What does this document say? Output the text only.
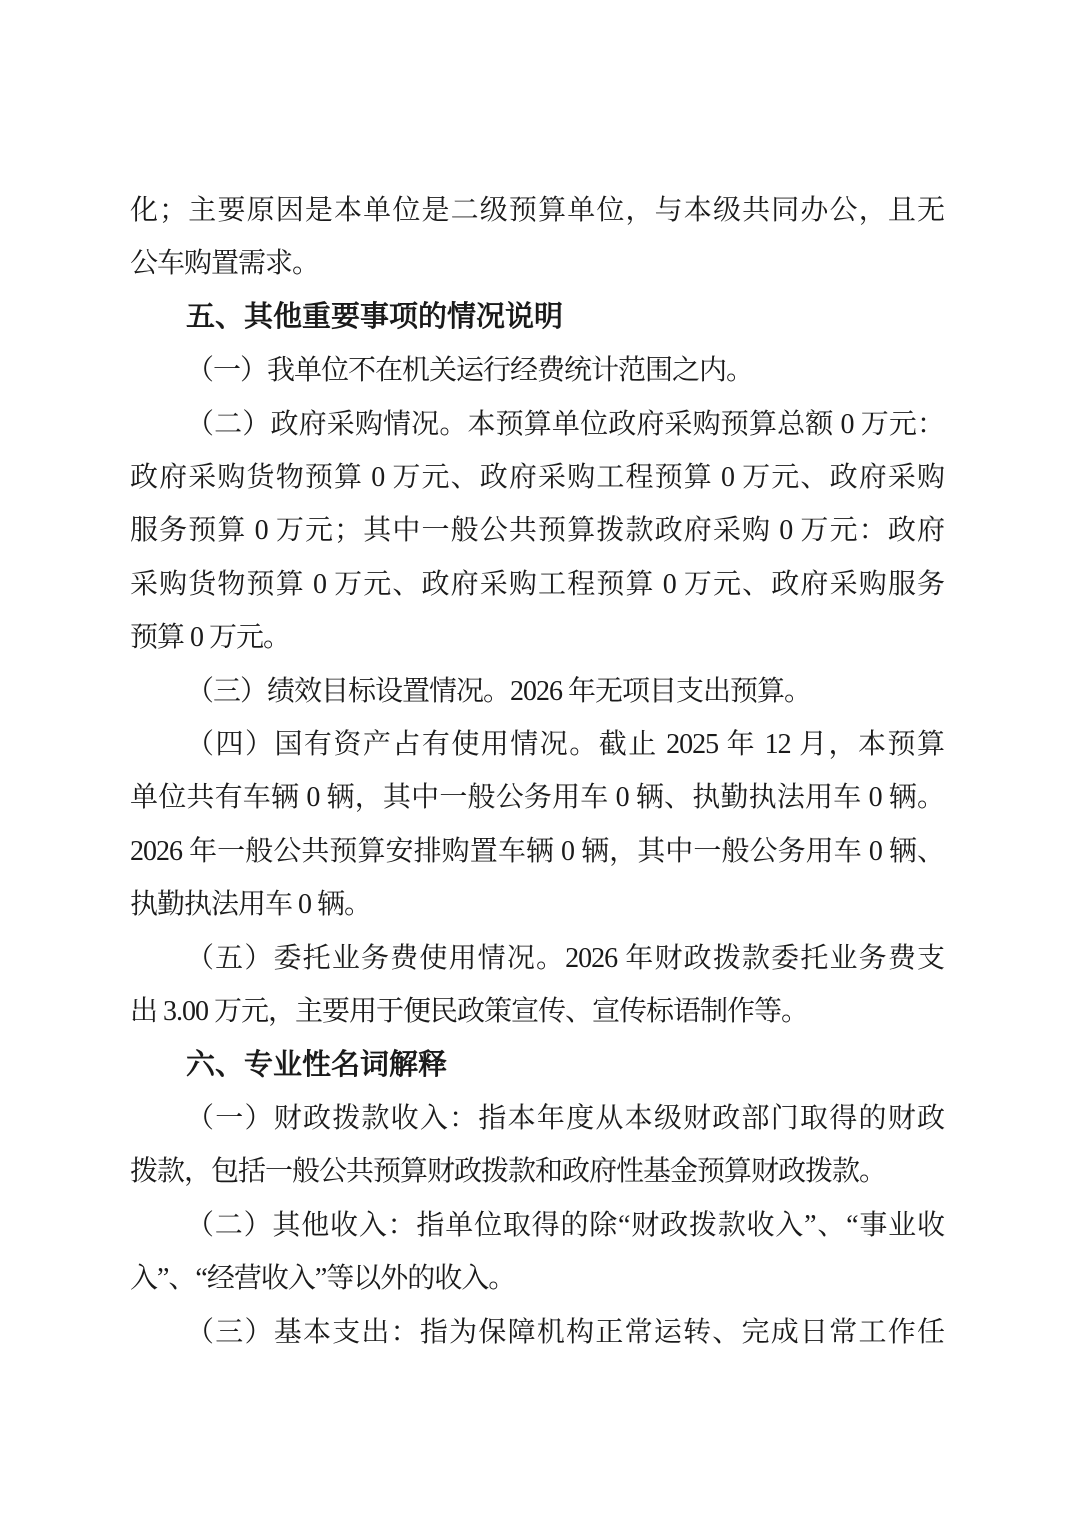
化；主要原因是本单位是二级预算单位，与本级共同办公，且无
公车购置需求。
五、其他重要事项的情况说明
（一）我单位不在机关运行经费统计范围之内。
（二）政府采购情况。本预算单位政府采购预算总额 0 万元：
政府采购货物预算 0 万元、政府采购工程预算 0 万元、政府采购
服务预算 0 万元；其中一般公共预算拨款政府采购 0 万元：政府
采购货物预算 0 万元、政府采购工程预算 0 万元、政府采购服务
预算 0 万元。
（三）绩效目标设置情况。2026 年无项目支出预算。
（四）国有资产占有使用情况。截止 2025 年 12 月，本预算
单位共有车辆 0 辆，其中一般公务用车 0 辆、执勤执法用车 0 辆。
2026 年一般公共预算安排购置车辆 0 辆，其中一般公务用车 0 辆、
执勤执法用车 0 辆。
（五）委托业务费使用情况。2026 年财政拨款委托业务费支
出 3.00 万元，主要用于便民政策宣传、宣传标语制作等。
六、专业性名词解释
（一）财政拨款收入：指本年度从本级财政部门取得的财政
拨款，包括一般公共预算财政拨款和政府性基金预算财政拨款。
（二）其他收入：指单位取得的除“财政拨款收入”、“事业收
入”、“经营收入”等以外的收入。
（三）基本支出：指为保障机构正常运转、完成日常工作任
